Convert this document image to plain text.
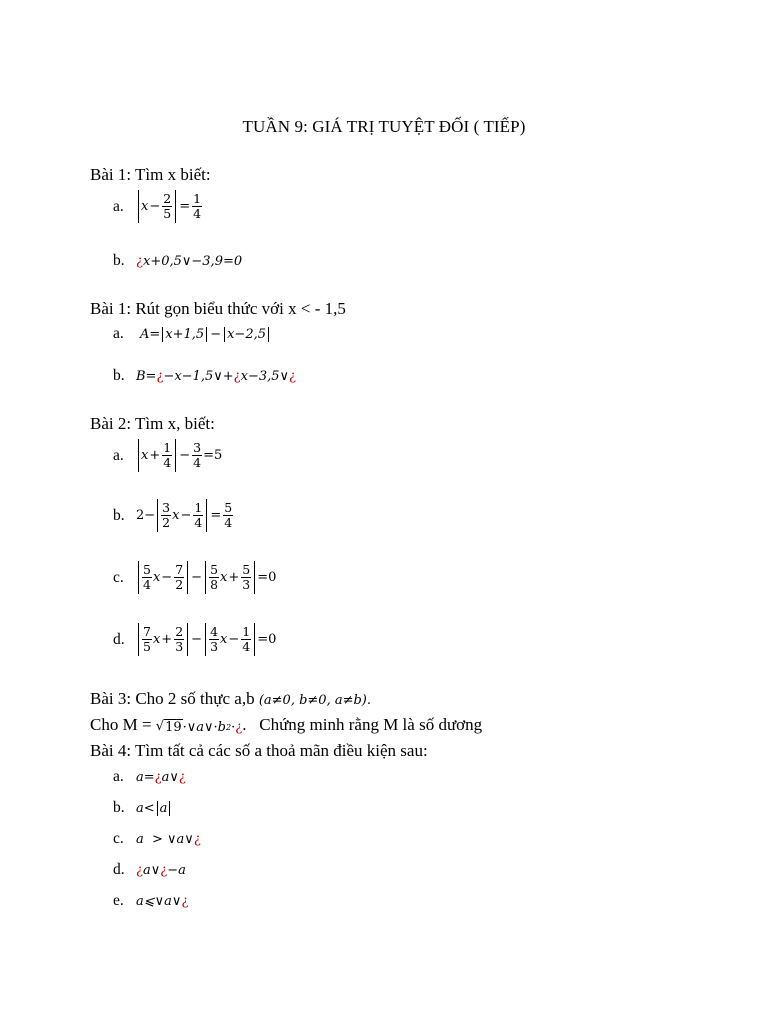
TUẦN 9: GIÁ TRỊ TUYỆT ĐỐI ( TIẾP)
Bài 1: Tìm x biết:
a.	$x - \frac{2}{5} = \frac{1}{4}$
b. ¿ x+0,5∨−3,9=0
Bài 1: Rút gọn biểu thức với x < - 1,5
a.	A= x+1,5 − x−2,5
b. B= ¿ −x−1,5∨+ ¿ x−3,5∨ ¿
Bài 2: Tìm x, biết:
a.	$x + \frac{1}{4} - \frac{3}{4} =5$
b. $2- \frac{3}{2}$ $x - \frac{1}{4} = \frac{5}{4}$
c.	$\frac{5}{4}$ $x - \frac{7}{2} - \frac{5}{8}$ $x + \frac{5}{3} =0$
d.	$\frac{7}{5}$ $x + \frac{2}{3} - \frac{4}{3}$ $x - \frac{1}{4} =0$
Bài 3: Cho 2 số thực a,b (a≠0, b≠0, a≠b).
Cho M = √ 19 ·∨a∨·b 2 · ¿ . Chứng minh rằng M là số dương
Bài 4: Tìm tất cả các số a thoả mãn điều kiện sau:
a. a= ¿ a∨ ¿
b. a< a
c. a  > ∨a∨ ¿
d. ¿ a∨ ¿ −a
e. a⩽∨a∨ ¿
